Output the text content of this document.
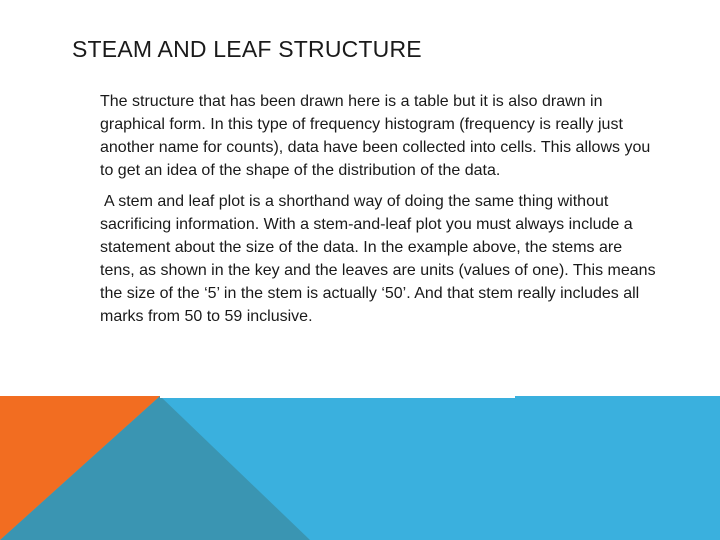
STEAM AND LEAF STRUCTURE

The structure that has been drawn here is a table but it is also drawn in graphical form. In this type of frequency histogram (frequency is really just another name for counts), data have been collected into cells. This allows you to get an idea of the shape of the distribution of the data.

A stem and leaf plot is a shorthand way of doing the same thing without sacrificing information. With a stem-and-leaf plot you must always include a statement about the size of the data. In the example above, the stems are tens, as shown in the key and the leaves are units (values of one). This means the size of the ‘5’ in the stem is actually ‘50’. And that stem really includes all marks from 50 to 59 inclusive.
